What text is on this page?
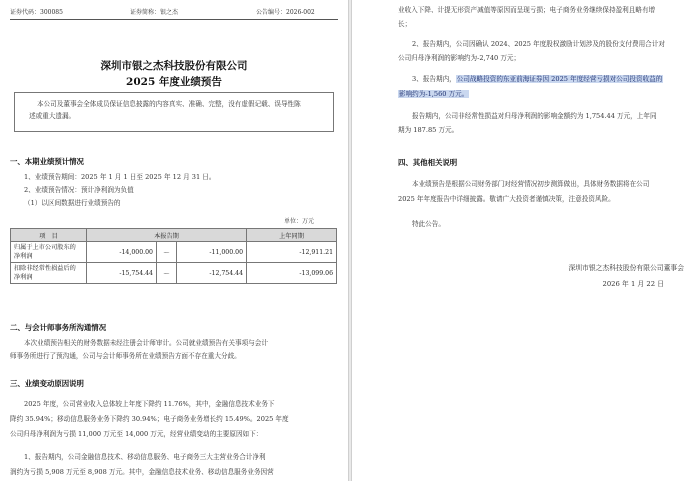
证券代码：300085	证券简称：银之杰	公告编号：2026-002
深圳市银之杰科技股份有限公司
2025 年度业绩预告
本公司及董事会全体成员保证信息披露的内容真实、准确、完整，没有虚假记载、误导性陈
述或重大遗漏。
一、本期业绩预计情况
1、业绩预告期间：2025 年 1 月 1 日至 2025 年 12 月 31 日。
2、业绩预告情况：预计净利润为负值
（1）以区间数据进行业绩预告的
单位：万元
项　目	本报告期			上年同期
归属于上市公司股东的
净利润	-14,000.00	～	-11,000.00	-12,911.21
扣除非经常性损益后的
净利润	-15,754.44	～	-12,754.44	-13,099.06
二、与会计师事务所沟通情况
本次业绩预告相关的财务数据未经注册会计师审计。公司就业绩预告有关事项与会计
师事务所进行了预沟通，公司与会计师事务所在业绩预告方面不存在重大分歧。
三、业绩变动原因说明
2025 年度，公司营业收入总体较上年度下降约 11.76%，其中，金融信息技术业务下
降约 35.94%；移动信息服务业务下降约 30.94%；电子商务业务增长约 15.49%。2025 年度
公司归母净利润为亏损 11,000 万元至 14,000 万元，经营业绩变动的主要原因如下：
1、报告期内，公司金融信息技术、移动信息服务、电子商务三大主营业务合计净利
润约为亏损 5,908 万元至 8,908 万元。其中，金融信息技术业务、移动信息服务业务因营
业收入下降、计提无形资产减值等原因而呈现亏损；电子商务业务继续保持盈利且略有增
长；
2、报告期内，公司因确认 2024、2025 年度股权激励计划涉及的股份支付费用合计对
公司归母净利润的影响约为-2,740 万元；
3、报告期内，公司战略投资的东亚前海证券因 2025 年度经营亏损对公司投资收益的
影响约为-1,560 万元。
报告期内，公司非经常性损益对归母净利润的影响金额约为 1,754.44 万元，上年同
期为 187.85 万元。
四、其他相关说明
本业绩预告是根据公司财务部门对经营情况初步测算做出，具体财务数据将在公司
2025 年年度报告中详细披露。敬请广大投资者谨慎决策，注意投资风险。
特此公告。
深圳市银之杰科技股份有限公司董事会
2026 年 1 月 22 日
